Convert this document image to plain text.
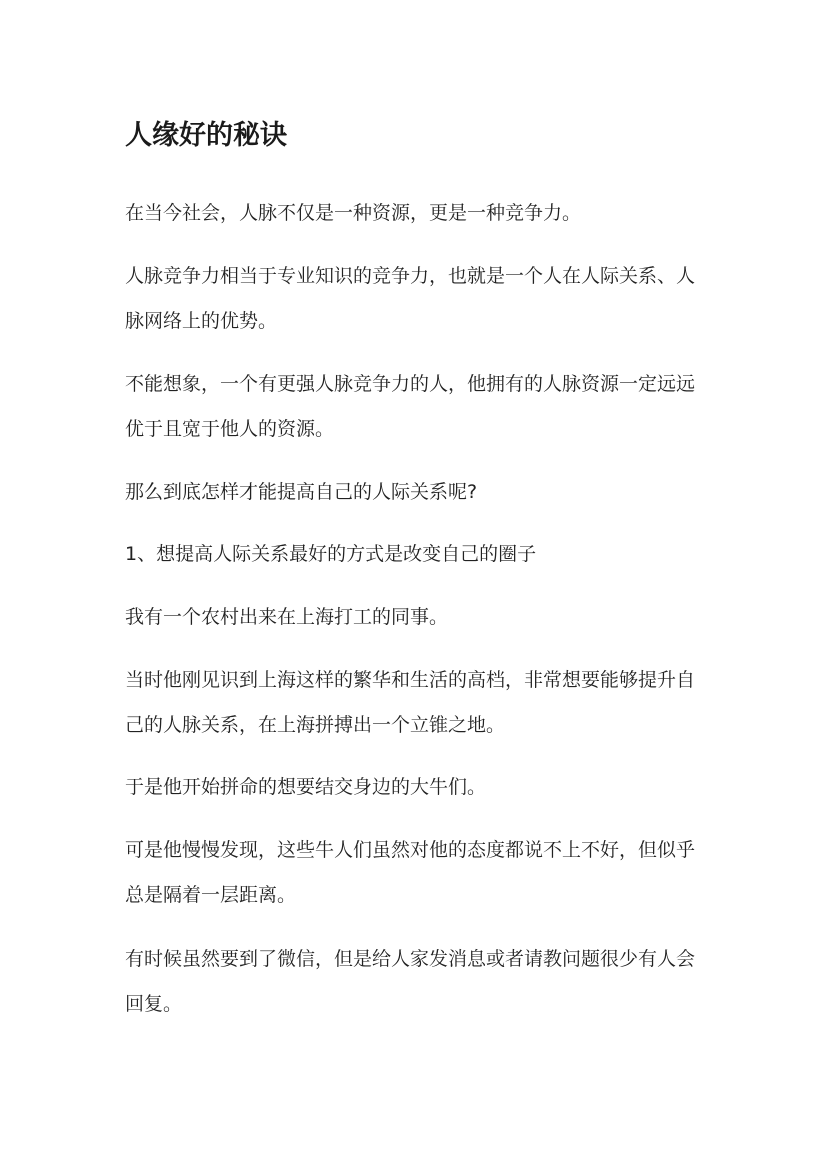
人缘好的秘诀

在当今社会，人脉不仅是一种资源，更是一种竞争力。

人脉竞争力相当于专业知识的竞争力，也就是一个人在人际关系、人脉网络上的优势。

不能想象，一个有更强人脉竞争力的人，他拥有的人脉资源一定远远优于且宽于他人的资源。

那么到底怎样才能提高自己的人际关系呢?

1、想提高人际关系最好的方式是改变自己的圈子

我有一个农村出来在上海打工的同事。

当时他刚见识到上海这样的繁华和生活的高档，非常想要能够提升自己的人脉关系，在上海拼搏出一个立锥之地。

于是他开始拼命的想要结交身边的大牛们。

可是他慢慢发现，这些牛人们虽然对他的态度都说不上不好，但似乎总是隔着一层距离。

有时候虽然要到了微信，但是给人家发消息或者请教问题很少有人会回复。
